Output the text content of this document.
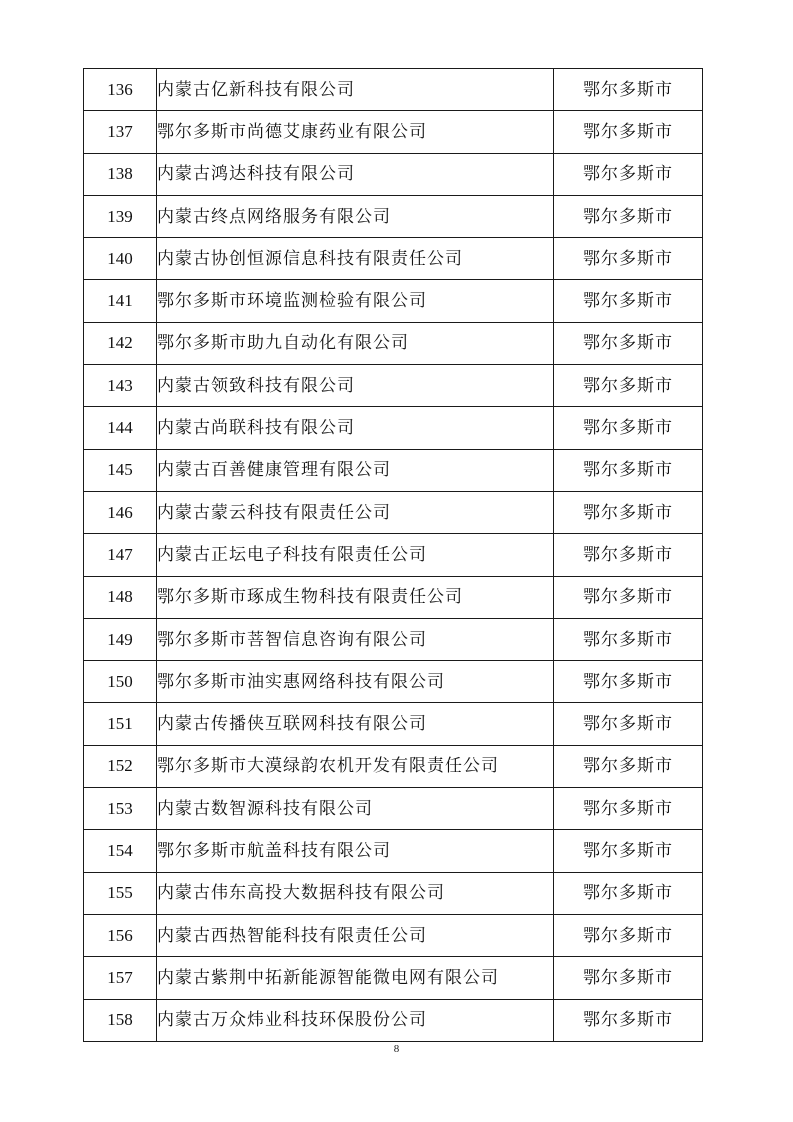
136	内蒙古亿新科技有限公司	鄂尔多斯市
137	鄂尔多斯市尚德艾康药业有限公司	鄂尔多斯市
138	内蒙古鸿达科技有限公司	鄂尔多斯市
139	内蒙古终点网络服务有限公司	鄂尔多斯市
140	内蒙古协创恒源信息科技有限责任公司	鄂尔多斯市
141	鄂尔多斯市环境监测检验有限公司	鄂尔多斯市
142	鄂尔多斯市助九自动化有限公司	鄂尔多斯市
143	内蒙古领致科技有限公司	鄂尔多斯市
144	内蒙古尚联科技有限公司	鄂尔多斯市
145	内蒙古百善健康管理有限公司	鄂尔多斯市
146	内蒙古蒙云科技有限责任公司	鄂尔多斯市
147	内蒙古正坛电子科技有限责任公司	鄂尔多斯市
148	鄂尔多斯市琢成生物科技有限责任公司	鄂尔多斯市
149	鄂尔多斯市菩智信息咨询有限公司	鄂尔多斯市
150	鄂尔多斯市油实惠网络科技有限公司	鄂尔多斯市
151	内蒙古传播侠互联网科技有限公司	鄂尔多斯市
152	鄂尔多斯市大漠绿韵农机开发有限责任公司	鄂尔多斯市
153	内蒙古数智源科技有限公司	鄂尔多斯市
154	鄂尔多斯市航盖科技有限公司	鄂尔多斯市
155	内蒙古伟东高投大数据科技有限公司	鄂尔多斯市
156	内蒙古西热智能科技有限责任公司	鄂尔多斯市
157	内蒙古紫荆中拓新能源智能微电网有限公司	鄂尔多斯市
158	内蒙古万众炜业科技环保股份公司	鄂尔多斯市
8
